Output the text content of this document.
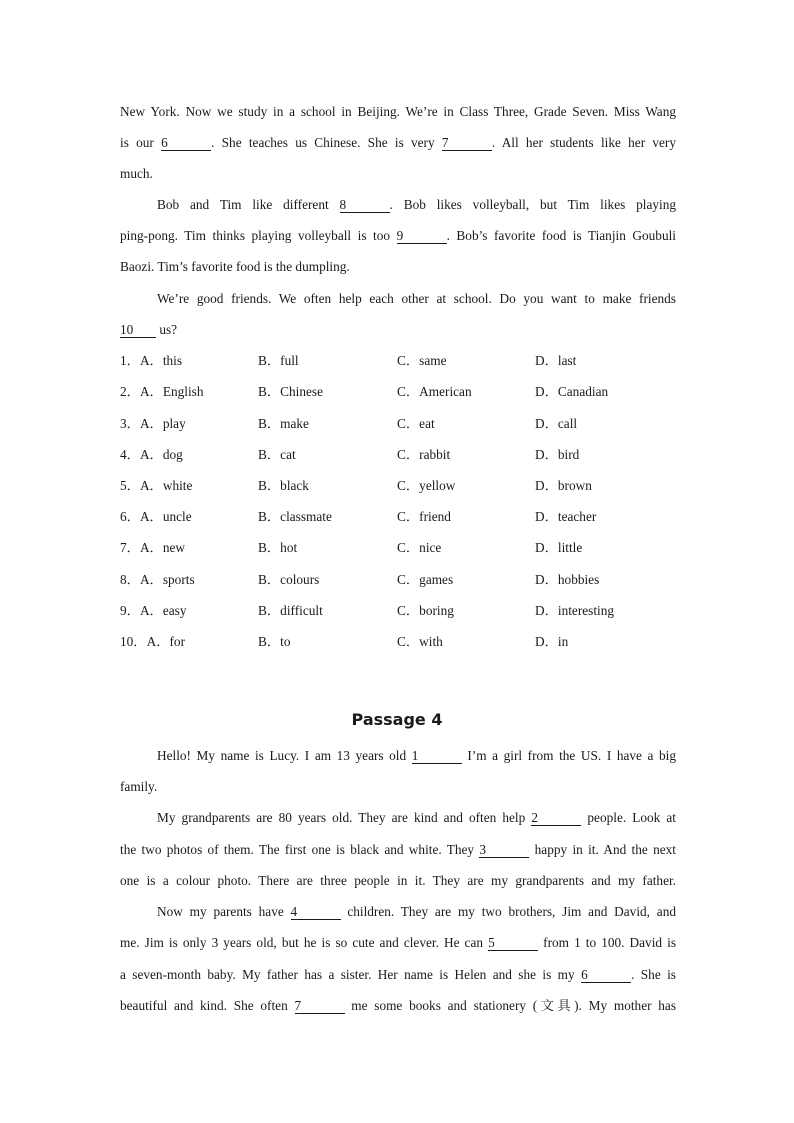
New York. Now we study in a school in Beijing. We’re in Class Three, Grade Seven. Miss Wang
is our 6	. She teaches us Chinese. She is very 7	. All her students like her very
much.
Bob and Tim like different 8	. Bob likes volleyball, but Tim likes playing
ping-pong. Tim thinks playing volleyball is too 9	. Bob’s favorite food is Tianjin Goubuli
Baozi. Tim’s favorite food is the dumpling.
We’re good friends. We often help each other at school. Do you want to make friends
10 us?
1．A．this	B．full	C．same	D．last
2．A．English	B．Chinese	C．American	D．Canadian
3．A．play	B．make	C．eat	D．call
4．A．dog	B．cat	C．rabbit	D．bird
5．A．white	B．black	C．yellow	D．brown
6．A．uncle	B．classmate	C．friend	D．teacher
7．A．new	B．hot	C．nice	D．little
8．A．sports	B．colours	C．games	D．hobbies
9．A．easy	B．difficult	C．boring	D．interesting
10．A．for	B．to	C．with	D．in
Passage 4
Hello! My name is Lucy. I am 13 years old 1	I’m a girl from the US. I have a big
family.
My grandparents are 80 years old. They are kind and often help 2	people. Look at
the two photos of them. The first one is black and white. They 3	happy in it. And the next
one is a colour photo. There are three people in it. They are my grandparents and my father.
Now my parents have 4	children. They are my two brothers, Jim and David, and
me. Jim is only 3 years old, but he is so cute and clever. He can 5	from 1 to 100. David is
a seven-month baby. My father has a sister. Her name is Helen and she is my 6	. She is
beautiful and kind. She often 7	me some books and stationery (文具). My mother has
